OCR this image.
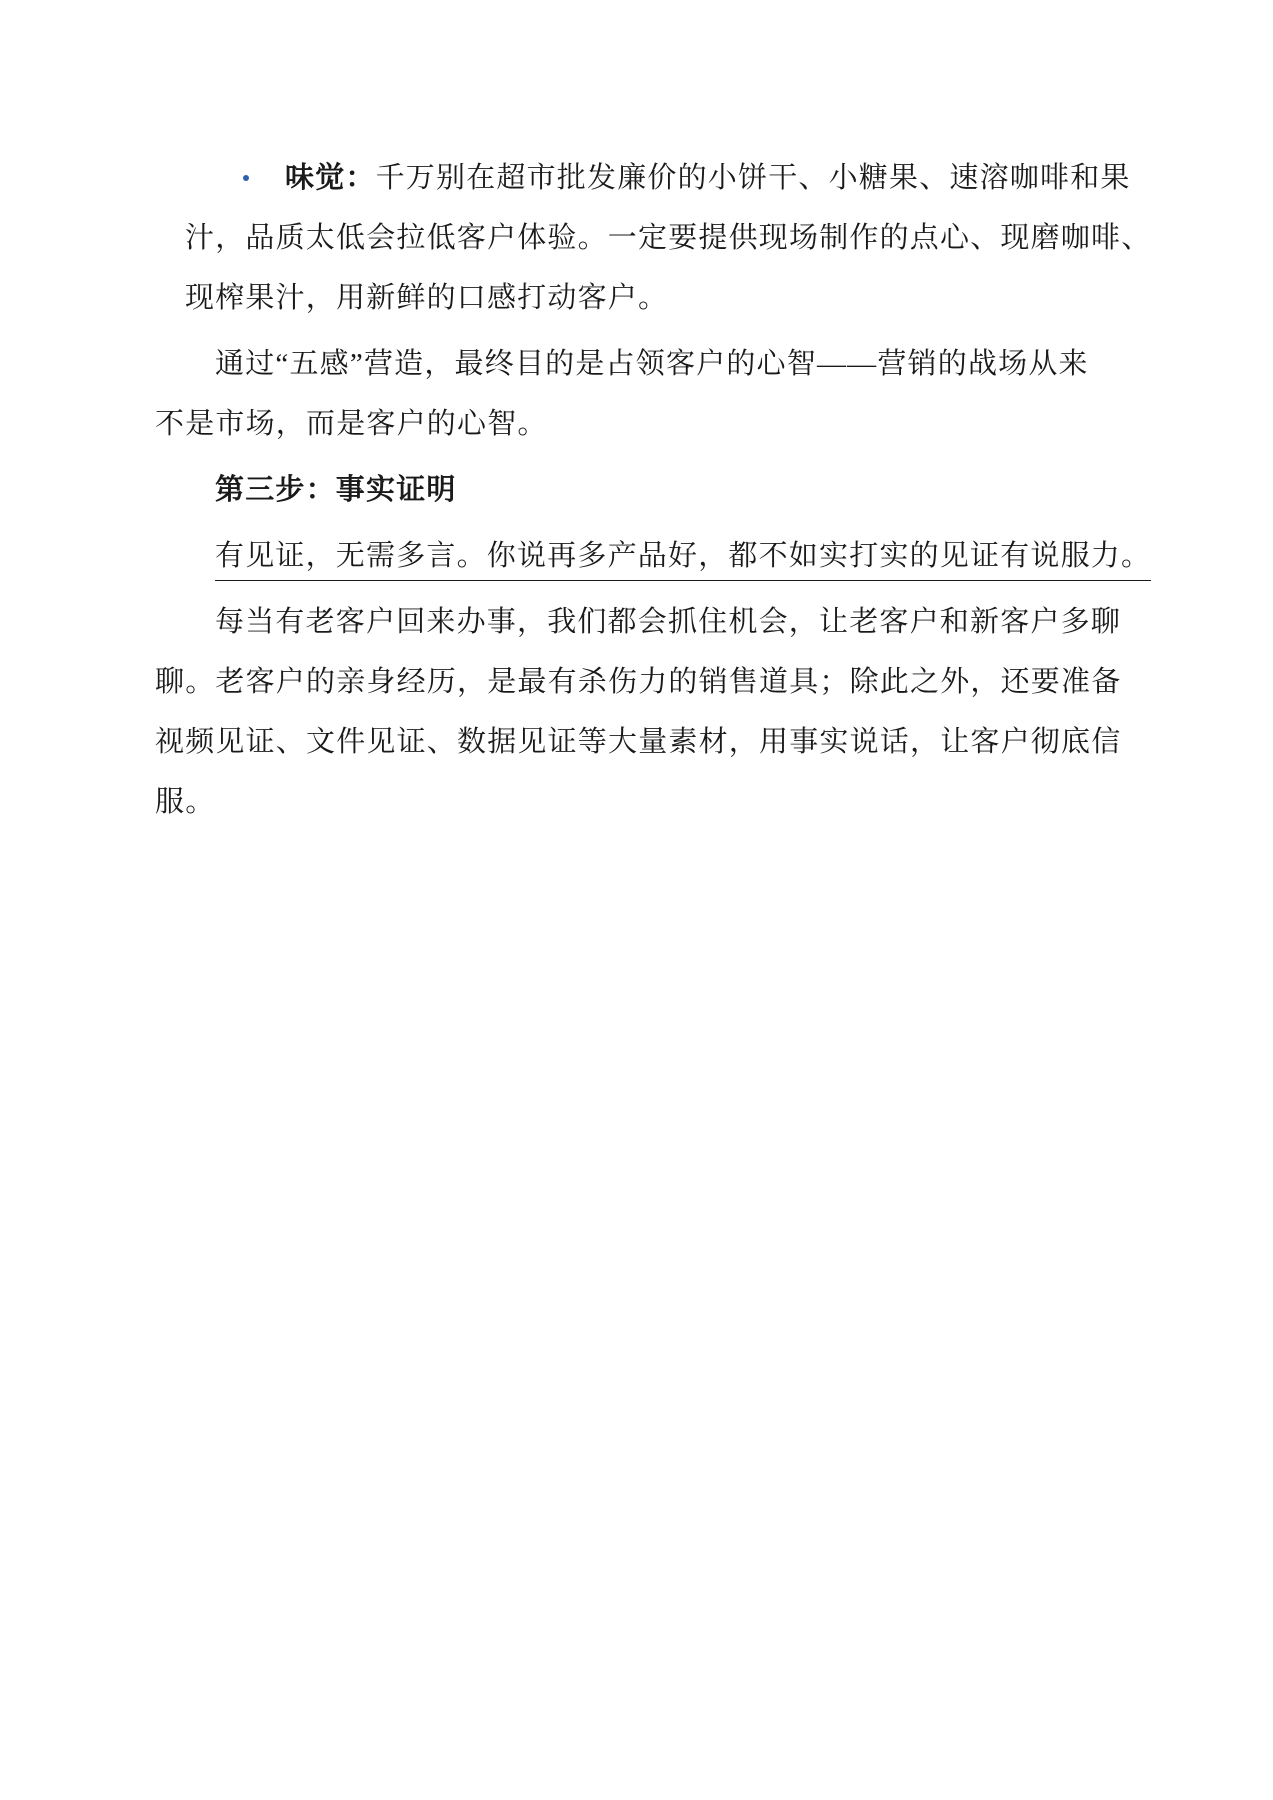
味觉：千万别在超市批发廉价的小饼干、小糖果、速溶咖啡和果
汁，品质太低会拉低客户体验。一定要提供现场制作的点心、现磨咖啡、
现榨果汁，用新鲜的口感打动客户。
通过“五感”营造，最终目的是占领客户的心智——营销的战场从来
不是市场，而是客户的心智。
第三步：事实证明
有见证，无需多言。你说再多产品好，都不如实打实的见证有说服力。
每当有老客户回来办事，我们都会抓住机会，让老客户和新客户多聊
聊。老客户的亲身经历，是最有杀伤力的销售道具；除此之外，还要准备
视频见证、文件见证、数据见证等大量素材，用事实说话，让客户彻底信
服。
